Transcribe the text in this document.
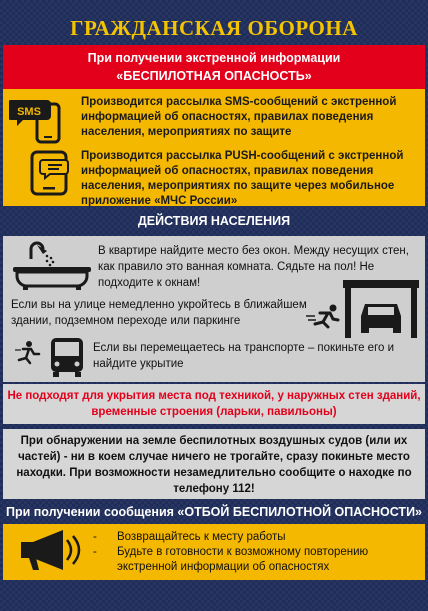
ГРАЖДАНСКАЯ ОБОРОНА
При получении экстренной информации
«БЕСПИЛОТНАЯ ОПАСНОСТЬ»
SMS
Производится рассылка SMS-сообщений с экстренной информацией об опасностях, правилах поведения населения, мероприятиях по защите
Производится рассылка PUSH-сообщений с экстренной информацией об опасностях, правилах поведения населения, мероприятиях по защите через мобильное приложение «МЧС России»
ДЕЙСТВИЯ НАСЕЛЕНИЯ
В квартире найдите место без окон. Между несущих стен, как правило это ванная комната. Сядьте на пол! Не подходите к окнам!
Если вы на улице немедленно укройтесь в ближайшем здании, подземном переходе или паркинге
Если вы перемещаетесь на транспорте – покиньте его и найдите укрытие
Не подходят для укрытия места под техникой, у наружных стен зданий, временные строения (ларьки, павильоны)
При обнаружении на земле беспилотных воздушных судов (или их частей) - ни в коем случае ничего не трогайте, сразу покиньте место находки. При возможности незамедлительно сообщите о находке по телефону 112!
При получении сообщения «ОТБОЙ БЕСПИЛОТНОЙ ОПАСНОСТИ»
- Возвращайтесь к месту работы
- Будьте в готовности к возможному повторению экстренной информации об опасностях
